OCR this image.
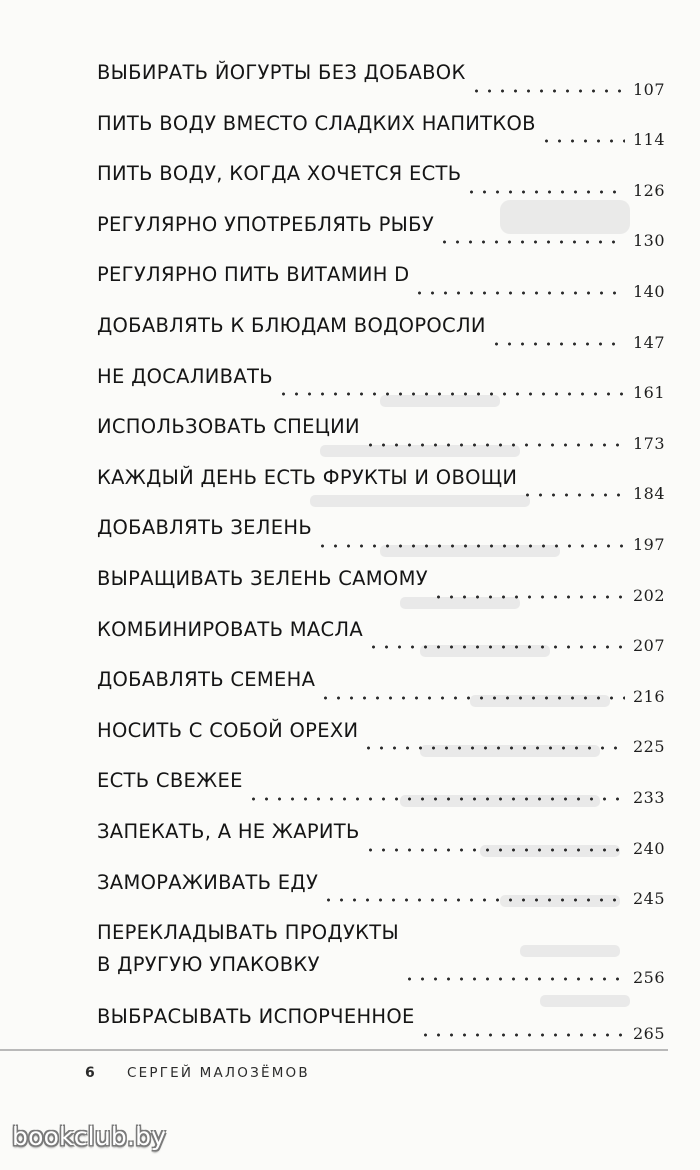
ВЫБИРАТЬ ЙОГУРТЫ БЕЗ ДОБАВОК
107
ПИТЬ ВОДУ ВМЕСТО СЛАДКИХ НАПИТКОВ
114
ПИТЬ ВОДУ, КОГДА ХОЧЕТСЯ ЕСТЬ
126
РЕГУЛЯРНО УПОТРЕБЛЯТЬ РЫБУ
130
РЕГУЛЯРНО ПИТЬ ВИТАМИН D
140
ДОБАВЛЯТЬ К БЛЮДАМ ВОДОРОСЛИ
147
НЕ ДОСАЛИВАТЬ
161
ИСПОЛЬЗОВАТЬ СПЕЦИИ
173
КАЖДЫЙ ДЕНЬ ЕСТЬ ФРУКТЫ И ОВОЩИ
184
ДОБАВЛЯТЬ ЗЕЛЕНЬ
197
ВЫРАЩИВАТЬ ЗЕЛЕНЬ САМОМУ
202
КОМБИНИРОВАТЬ МАСЛА
207
ДОБАВЛЯТЬ СЕМЕНА
216
НОСИТЬ С СОБОЙ ОРЕХИ
225
ЕСТЬ СВЕЖЕЕ
233
ЗАПЕКАТЬ, А НЕ ЖАРИТЬ
240
ЗАМОРАЖИВАТЬ ЕДУ
245
ПЕРЕКЛАДЫВАТЬ ПРОДУКТЫ
В ДРУГУЮ УПАКОВКУ
256
ВЫБРАСЫВАТЬ ИСПОРЧЕННОЕ
265
6	СЕРГЕЙ МАЛОЗЁМОВ
bookclub.by
